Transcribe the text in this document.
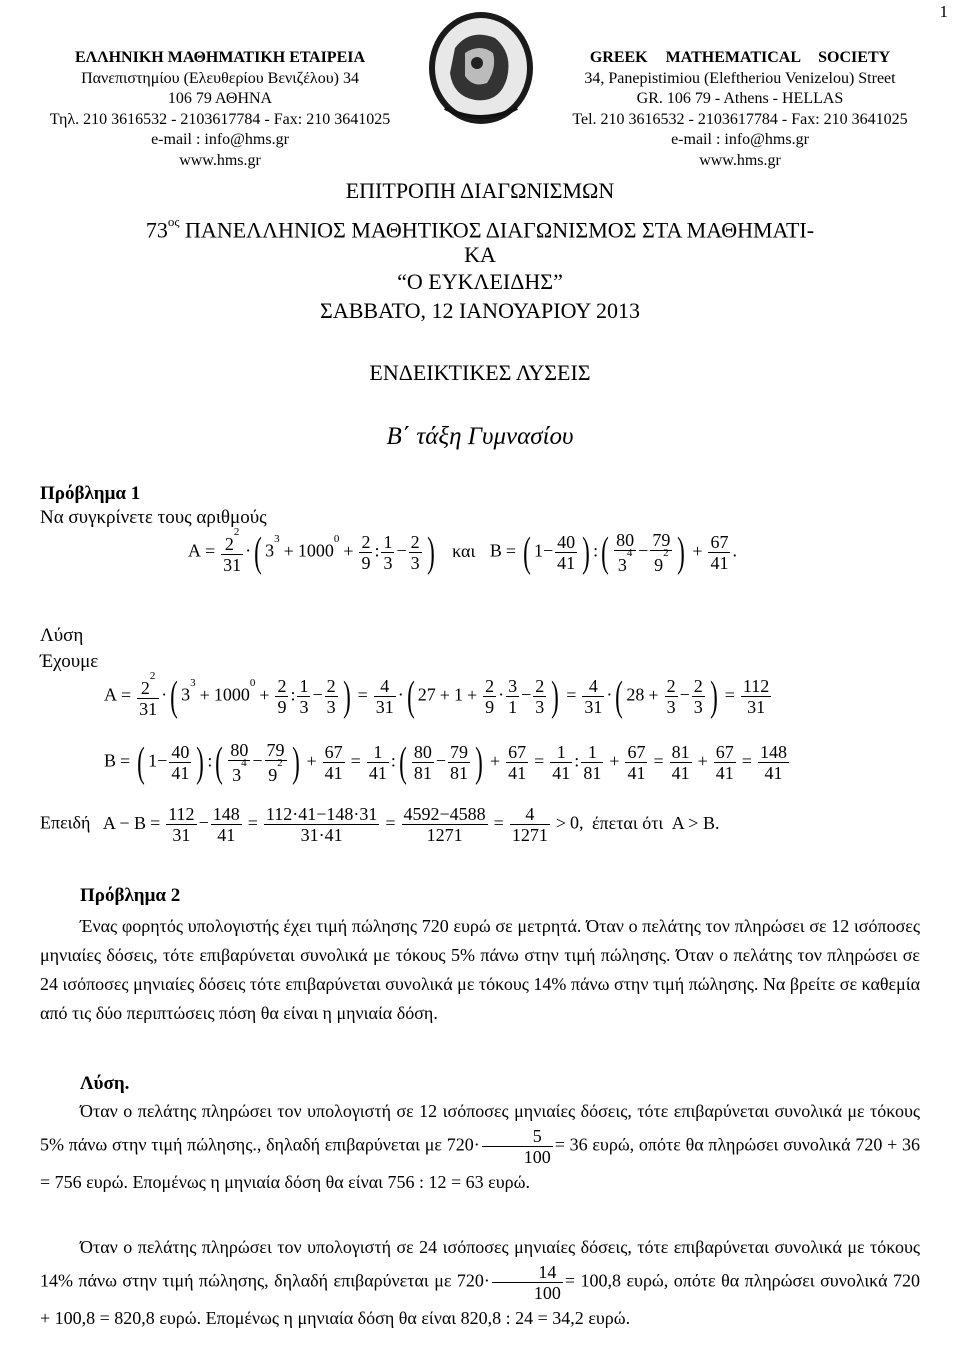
1
ΕΛΛΗΝΙΚΗ ΜΑΘΗΜΑΤΙΚΗ ΕΤΑΙΡΕΙΑ
Πανεπιστημίου (Ελευθερίου Βενιζέλου) 34
106 79 ΑΘΗΝΑ
Τηλ. 210 3616532 - 2103617784 - Fax: 210 3641025
e-mail : info@hms.gr
www.hms.gr
GREEK MATHEMATICAL SOCIETY
34, Panepistimiou (Eleftheriou Venizelou) Street
GR. 106 79 - Athens - HELLAS
Tel. 210 3616532 - 2103617784 - Fax: 210 3641025
e-mail : info@hms.gr
www.hms.gr
ΕΠΙΤΡΟΠΗ ΔΙΑΓΩΝΙΣΜΩΝ
$73^{o\varsigma}$ ΠΑΝΕΛΛΗΝΙΟΣ ΜΑΘΗΤΙΚΟΣ ΔΙΑΓΩΝΙΣΜΟΣ ΣΤΑ ΜΑΘΗΜΑΤΙ-
ΚΑ
“Ο ΕΥΚΛΕΙΔΗΣ”
ΣΑΒΒΑΤΟ, 12 ΙΑΝΟΥΑΡΙΟΥ 2013
ΕΝΔΕΙΚΤΙΚΕΣ ΛΥΣΕΙΣ
Β΄ τάξη Γυμνασίου
Πρόβλημα 1
Να συγκρίνετε τους αριθμούς
$A = \frac{2^2}{31}$ ·( $3^3+ 1000^0+ \frac{2}{9}$ : $\frac{1}{3} - \frac{2}{3}$ ) και B = ( $1- \frac{40}{41}$ ) :( $\frac{80}{3^4} - \frac{79}{9^2}$ ) + $\frac{67}{41}$ .
Λύση
Έχουμε
$A = \frac{2^2}{31}$ ·( $3^3+ 1000^0+ \frac{2}{9}$ : $\frac{1}{3} - \frac{2}{3}$ ) = $\frac{4}{31}$ ·( $27 + 1 + \frac{2}{9} \cdot \frac{3}{1} - \frac{2}{3}$ ) = $\frac{4}{31}$ ·( $28 + \frac{2}{3} - \frac{2}{3}$ ) = $\frac{112}{31}$
B = ( $1- \frac{40}{41}$ ) :( $\frac{80}{3^4} - \frac{79}{9^2}$ ) + $\frac{67}{41} = \frac{1}{41}$ :( $\frac{80}{81} - \frac{79}{81}$ ) + $\frac{67}{41} = \frac{1}{41}$ : $\frac{1}{81} + \frac{67}{41} = \frac{81}{41} + \frac{67}{41} = \frac{148}{41}$
Επειδή $A - B = \frac{112}{31} - \frac{148}{41} = \frac{112\cdot 41-148\cdot 31}{31\cdot 41} = \frac{4592-4588}{1271} = \frac{4}{1271} > 0$, έπεται ότι A > B.
Πρόβλημα 2
Ένας φορητός υπολογιστής έχει τιμή πώλησης 720 ευρώ σε μετρητά. Όταν ο πελάτης τον πληρώσει σε 12 ισόποσες μηνιαίες δόσεις, τότε επιβαρύνεται συνολικά με τόκους 5% πάνω στην τιμή πώλησης. Όταν ο πελάτης τον πληρώσει σε 24 ισόποσες μηνιαίες δόσεις τότε επιβαρύνεται συνολικά με τόκους 14% πάνω στην τιμή πώλησης. Να βρείτε σε καθεμία από τις δύο περιπτώσεις πόση θα είναι η μηνιαία δόση.
Λύση.
Όταν ο πελάτης πληρώσει τον υπολογιστή σε 12 ισόποσες μηνιαίες δόσεις, τότε επιβαρύνεται συνολικά με τόκους 5% πάνω στην τιμή πώλησης., δηλαδή επιβαρύνεται με $720\cdot \frac{5}{100} = 36$ ευρώ, οπότε θα πληρώσει συνολικά 720 + 36 = 756 ευρώ. Επομένως η μηνιαία δόση θα είναι 756 : 12 = 63 ευρώ.
Όταν ο πελάτης πληρώσει τον υπολογιστή σε 24 ισόποσες μηνιαίες δόσεις, τότε επιβαρύνεται συνολικά με τόκους 14% πάνω στην τιμή πώλησης, δηλαδή επιβαρύνεται με $720\cdot \frac{14}{100} = 100,8$ ευρώ, οπότε θα πληρώσει συνολικά 720 + 100,8 = 820,8 ευρώ. Επομένως η μηνιαία δόση θα είναι 820,8 : 24 = 34,2 ευρώ.
